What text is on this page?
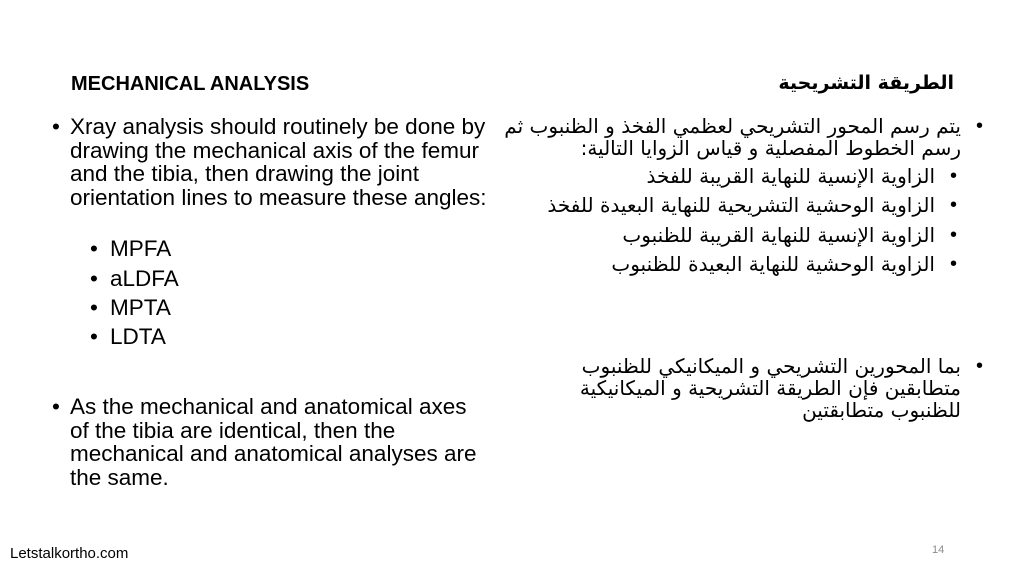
MECHANICAL ANALYSIS
• Xray analysis should routinely be done by drawing the mechanical axis of the femur and the tibia, then drawing the joint orientation lines to measure these angles:
• MPFA
• aLDFA
• MPTA
• LDTA
• As the mechanical and anatomical axes of the tibia are identical, then the mechanical and anatomical analyses are the same.
الطريقة التشريحية
•
يتم رسم المحور التشريحي لعظمي الفخذ و الظنبوب ثم رسم الخطوط المفصلية و قياس الزوايا التالية:
•
الزاوية الإنسية للنهاية القريبة للفخذ
•
الزاوية الوحشية التشريحية للنهاية البعيدة للفخذ
•
الزاوية الإنسية للنهاية القريبة للظنبوب
•
الزاوية الوحشية للنهاية البعيدة للظنبوب
•
بما المحورين التشريحي و الميكانيكي للظنبوب متطابقين فإن الطريقة التشريحية و الميكانيكية للظنبوب متطابقتين
Letstalkortho.com	14
